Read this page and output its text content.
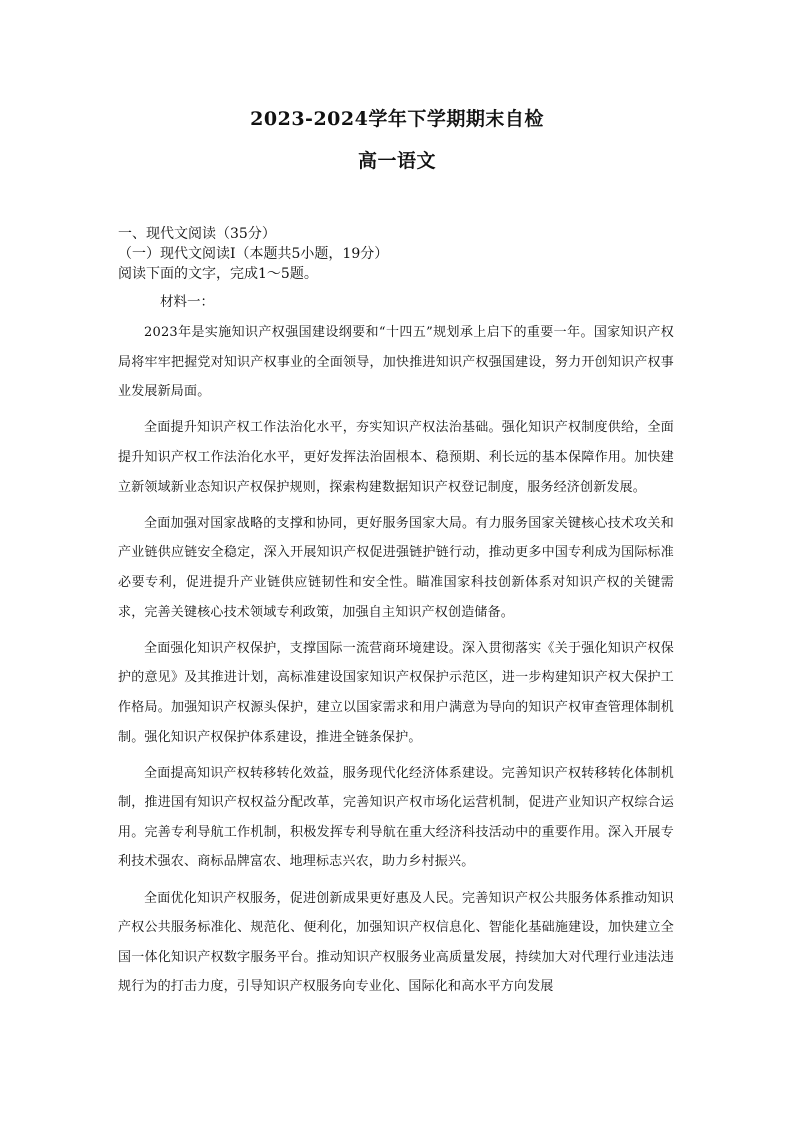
2023-2024学年下学期期末自检
高一语文
一、现代文阅读（35分）
（一）现代文阅读Ⅰ（本题共5小题，19分）
阅读下面的文字，完成1～5题。
材料一：

2023年是实施知识产权强国建设纲要和“十四五”规划承上启下的重要一年。国家知识产权局将牢牢把握党对知识产权事业的全面领导，加快推进知识产权强国建设，努力开创知识产权事业发展新局面。

全面提升知识产权工作法治化水平，夯实知识产权法治基础。强化知识产权制度供给，全面提升知识产权工作法治化水平，更好发挥法治固根本、稳预期、利长远的基本保障作用。加快建立新领域新业态知识产权保护规则，探索构建数据知识产权登记制度，服务经济创新发展。

全面加强对国家战略的支撑和协同，更好服务国家大局。有力服务国家关键核心技术攻关和产业链供应链安全稳定，深入开展知识产权促进强链护链行动，推动更多中国专利成为国际标准必要专利，促进提升产业链供应链韧性和安全性。瞄准国家科技创新体系对知识产权的关键需求，完善关键核心技术领域专利政策，加强自主知识产权创造储备。

全面强化知识产权保护，支撑国际一流营商环境建设。深入贯彻落实《关于强化知识产权保护的意见》及其推进计划，高标准建设国家知识产权保护示范区，进一步构建知识产权大保护工作格局。加强知识产权源头保护，建立以国家需求和用户满意为导向的知识产权审查管理体制机制。强化知识产权保护体系建设，推进全链条保护。

全面提高知识产权转移转化效益，服务现代化经济体系建设。完善知识产权转移转化体制机制，推进国有知识产权权益分配改革，完善知识产权市场化运营机制，促进产业知识产权综合运用。完善专利导航工作机制，积极发挥专利导航在重大经济科技活动中的重要作用。深入开展专利技术强农、商标品牌富农、地理标志兴农，助力乡村振兴。

全面优化知识产权服务，促进创新成果更好惠及人民。完善知识产权公共服务体系推动知识产权公共服务标准化、规范化、便利化，加强知识产权信息化、智能化基础施建设，加快建立全国一体化知识产权数字服务平台。推动知识产权服务业高质量发展，持续加大对代理行业违法违规行为的打击力度，引导知识产权服务向专业化、国际化和高水平方向发展
